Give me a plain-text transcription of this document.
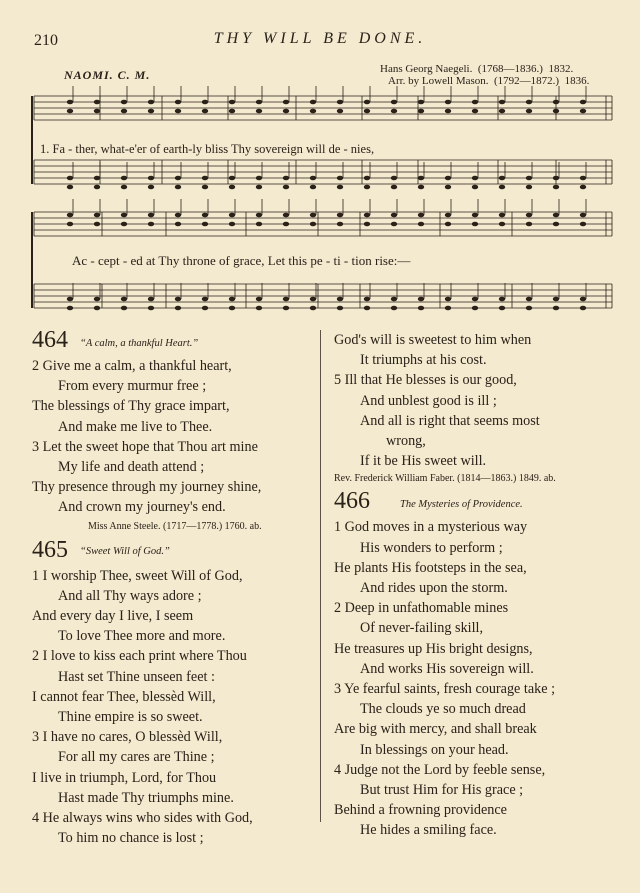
210	THY WILL BE DONE.
NAOMI. C. M.	Hans Georg Naegeli. (1768—1836.) 1832.
Arr. by Lowell Mason. (1792—1872.) 1836.
1. Fa - ther, what-e'er of earth-ly bliss Thy sovereign will de - nies,
Ac - cept - ed at Thy throne of grace, Let this pe - ti - tion rise:—
464 “A calm, a thankful Heart.”
2 Give me a calm, a thankful heart,
From every murmur free ;
The blessings of Thy grace impart,
And make me live to Thee.
3 Let the sweet hope that Thou art mine
My life and death attend ;
Thy presence through my journey shine,
And crown my journey's end.
Miss Anne Steele. (1717—1778.) 1760. ab.
465 “Sweet Will of God.”
1 I worship Thee, sweet Will of God,
And all Thy ways adore ;
And every day I live, I seem
To love Thee more and more.
2 I love to kiss each print where Thou
Hast set Thine unseen feet :
I cannot fear Thee, blessèd Will,
Thine empire is so sweet.
3 I have no cares, O blessèd Will,
For all my cares are Thine ;
I live in triumph, Lord, for Thou
Hast made Thy triumphs mine.
4 He always wins who sides with God,
To him no chance is lost ;
God's will is sweetest to him when
It triumphs at his cost.
5 Ill that He blesses is our good,
And unblest good is ill ;
And all is right that seems most
wrong,
If it be His sweet will.
Rev. Frederick William Faber. (1814—1863.) 1849. ab.
466	The Mysteries of Providence.
1 God moves in a mysterious way
His wonders to perform ;
He plants His footsteps in the sea,
And rides upon the storm.
2 Deep in unfathomable mines
Of never-failing skill,
He treasures up His bright designs,
And works His sovereign will.
3 Ye fearful saints, fresh courage take ;
The clouds ye so much dread
Are big with mercy, and shall break
In blessings on your head.
4 Judge not the Lord by feeble sense,
But trust Him for His grace ;
Behind a frowning providence
He hides a smiling face.
